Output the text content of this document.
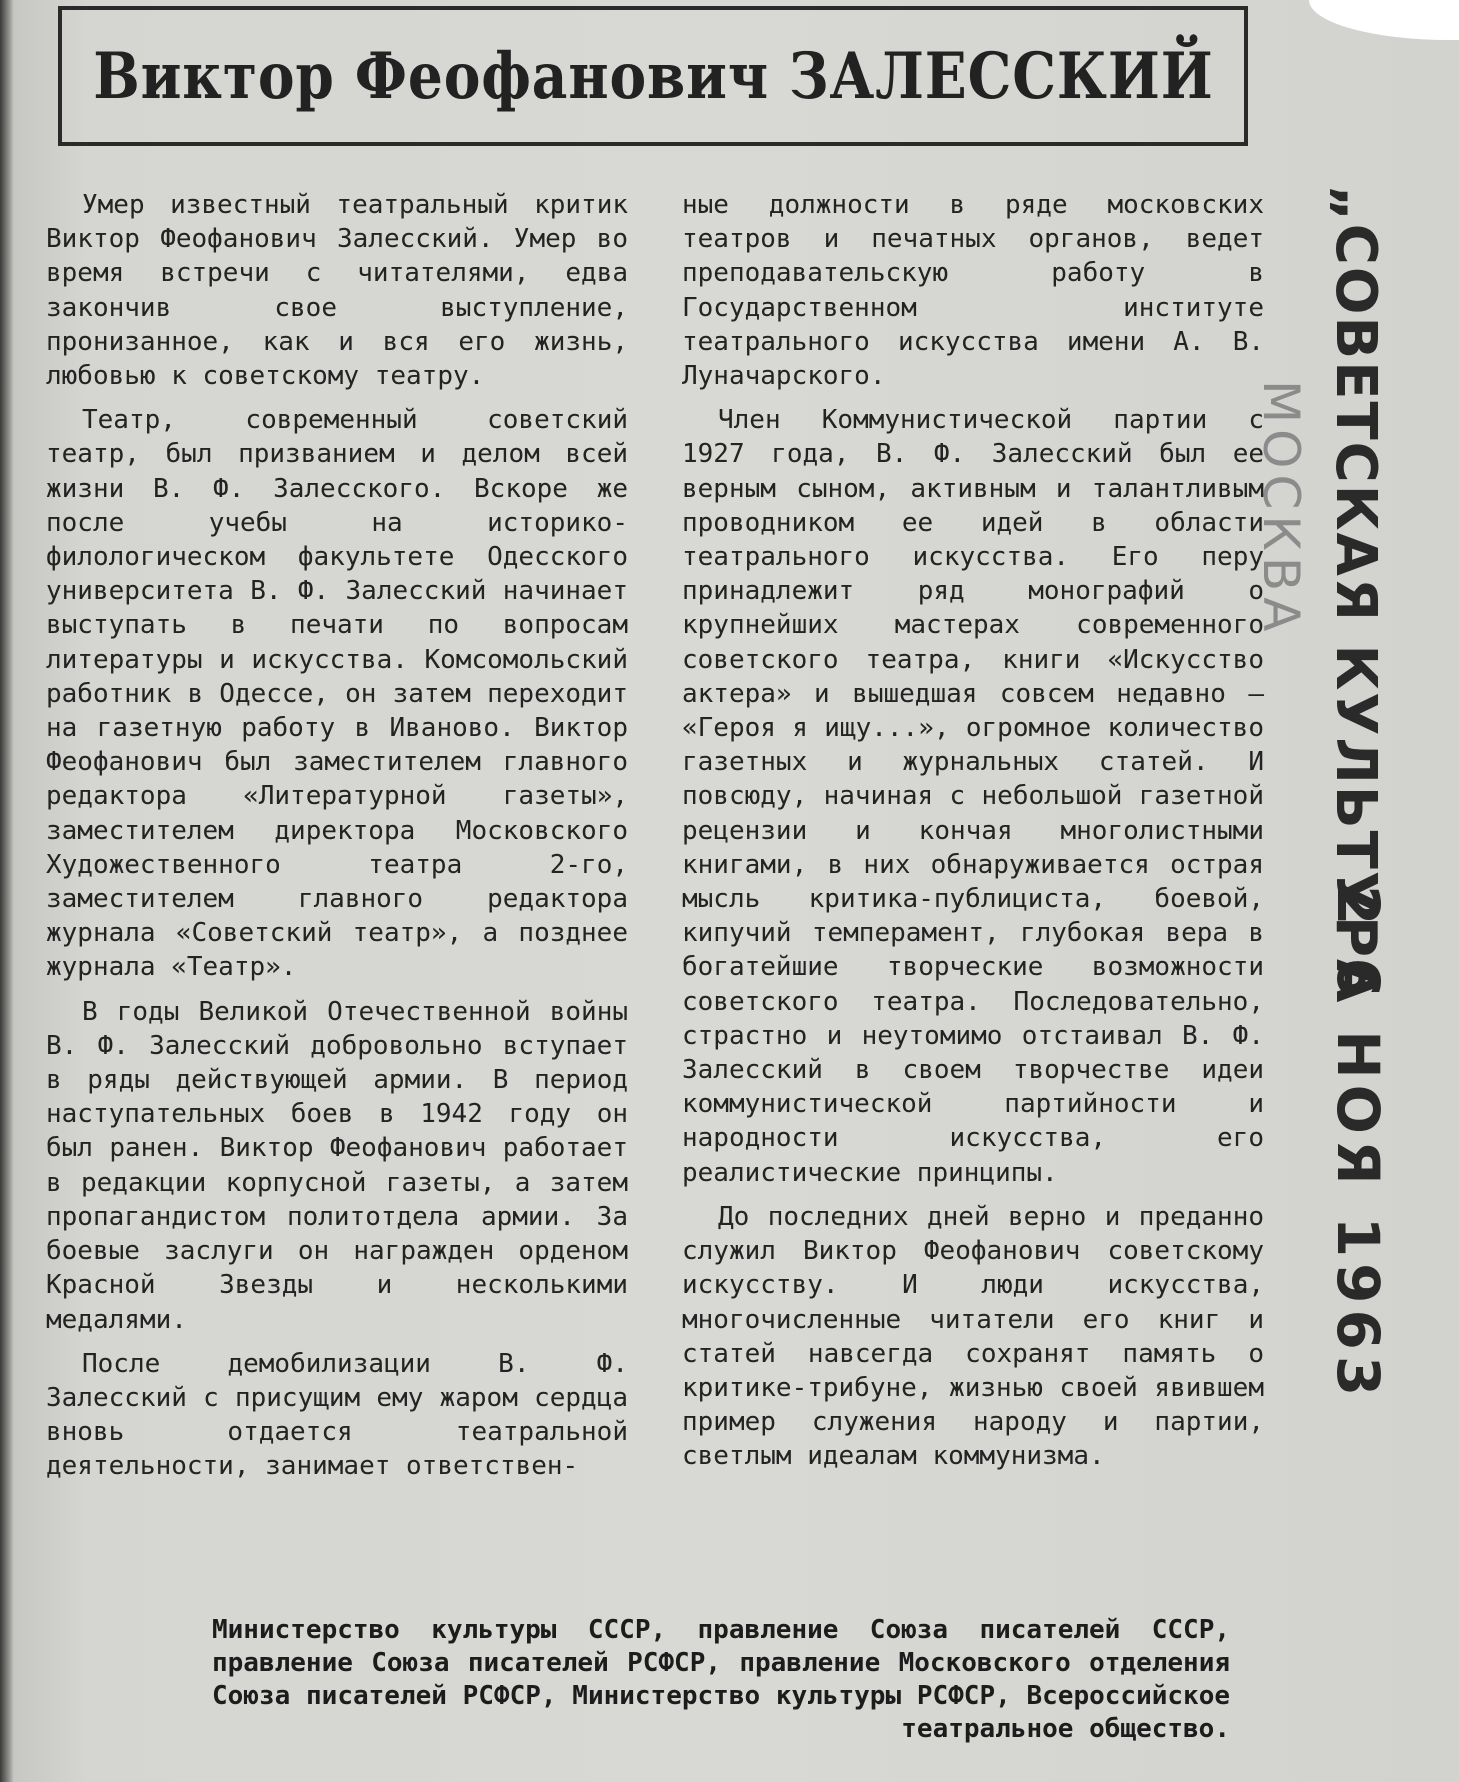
Виктор Феофанович ЗАЛЕССКИЙ

Умер известный театральный критик Виктор Феофанович Залесский. Умер во время встречи с читателями, едва закончив свое выступление, пронизанное, как и вся его жизнь, любовью к советскому театру.

Театр, современный советский театр, был призванием и делом всей жизни В. Ф. Залесского. Вскоре же после учебы на историко-филологическом факультете Одесского университета В. Ф. Залесский начинает выступать в печати по вопросам литературы и искусства. Комсомольский работник в Одессе, он затем переходит на газетную работу в Иваново. Виктор Феофанович был заместителем главного редактора «Литературной газеты», заместителем директора Московского Художественного театра 2-го, заместителем главного редактора журнала «Советский театр», а позднее журнала «Театр».

В годы Великой Отечественной войны В. Ф. Залесский добровольно вступает в ряды действующей армии. В период наступательных боев в 1942 году он был ранен. Виктор Феофанович работает в редакции корпусной газеты, а затем пропагандистом политотдела армии. За боевые заслуги он награжден орденом Красной Звезды и несколькими медалями.

После демобилизации В. Ф. Залесский с присущим ему жаром сердца вновь отдается театральной деятельности, занимает ответствен-

ные должности в ряде московских театров и печатных органов, ведет преподавательскую работу в Государственном институте театрального искусства имени А. В. Луначарского.

Член Коммунистической партии с 1927 года, В. Ф. Залесский был ее верным сыном, активным и талантливым проводником ее идей в области театрального искусства. Его перу принадлежит ряд монографий о крупнейших мастерах современного советского театра, книги «Искусство актера» и вышедшая совсем недавно — «Героя я ищу...», огромное количество газетных и журнальных статей. И повсюду, начиная с небольшой газетной рецензии и кончая многолистными книгами, в них обнаруживается острая мысль критика-публициста, боевой, кипучий темперамент, глубокая вера в богатейшие творческие возможности советского театра. Последовательно, страстно и неутомимо отстаивал В. Ф. Залесский в своем творчестве идеи коммунистической партийности и народности искусства, его реалистические принципы.

До последних дней верно и преданно служил Виктор Феофанович советскому искусству. И люди искусства, многочисленные читатели его книг и статей навсегда сохранят память о критике-трибуне, жизнью своей явившем пример служения народу и партии, светлым идеалам коммунизма.

Министерство культуры СССР, правление Союза писателей СССР, правление Союза писателей РСФСР, правление Московского отделения Союза писателей РСФСР, Министерство культуры РСФСР, Всероссийское театральное общество.
„СОВЕТСКАЯ КУЛЬТУРА
МОСКВА
2 6 НОЯ 1963
